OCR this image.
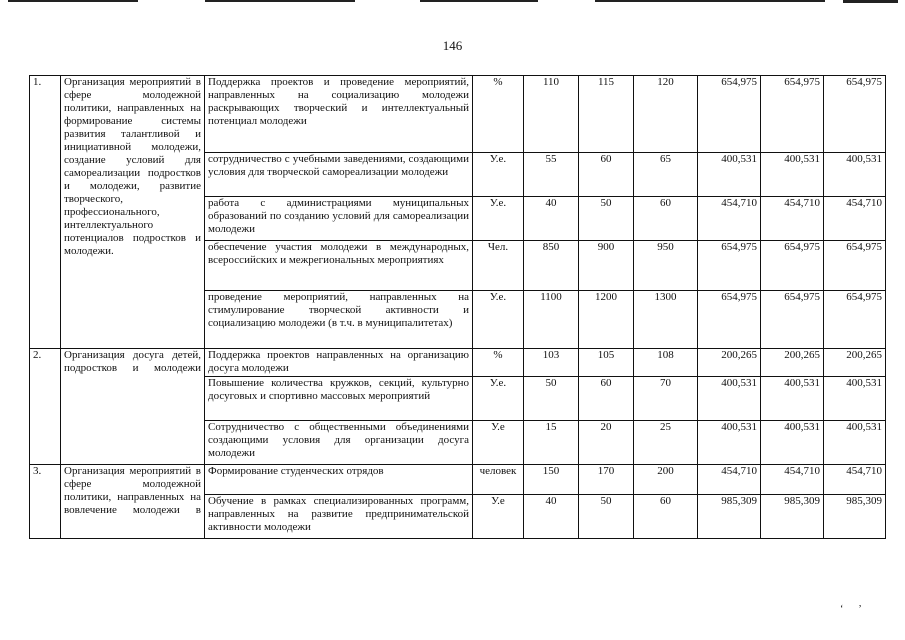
146
1.	Организация мероприятий в сфере молодежной политики, направленных на формирование системы развития талантливой и инициативной молодежи, создание условий для самореализации подростков и молодежи, развитие творческого, профессионального, интеллектуального потенциалов подростков и молодежи.	Поддержка проектов и проведение мероприятий, направленных на социализацию молодежи раскрывающих творческий и интеллектуальный потенциал молодежи	%	110	115	120	654,975	654,975	654,975
		сотрудничество с учебными заведениями, создающими условия для творческой самореализации молодежи	У.е.	55	60	65	400,531	400,531	400,531
		работа с администрациями муниципальных образований по созданию условий для самореализации молодежи	У.е.	40	50	60	454,710	454,710	454,710
		обеспечение участия молодежи в международных, всероссийских и межрегиональных мероприятиях	Чел.	850	900	950	654,975	654,975	654,975
		проведение мероприятий, направленных на стимулирование творческой активности и социализацию молодежи (в т.ч. в муниципалитетах)	У.е.	1100	1200	1300	654,975	654,975	654,975
2.	Организация досуга детей, подростков и молодежи	Поддержка проектов направленных на организацию досуга молодежи	%	103	105	108	200,265	200,265	200,265
		Повышение количества кружков, секций, культурно досуговых и спортивно массовых мероприятий	У.е.	50	60	70	400,531	400,531	400,531
		Сотрудничество с общественными объединениями создающими условия для организации досуга молодежи	У.е	15	20	25	400,531	400,531	400,531
3.	Организация мероприятий в сфере молодежной политики, направленных на вовлечение молодежи в	Формирование студенческих отрядов	человек	150	170	200	454,710	454,710	454,710
		Обучение в рамках специализированных программ, направленных на развитие предпринимательской активности молодежи	У.е	40	50	60	985,309	985,309	985,309
‘      ’
